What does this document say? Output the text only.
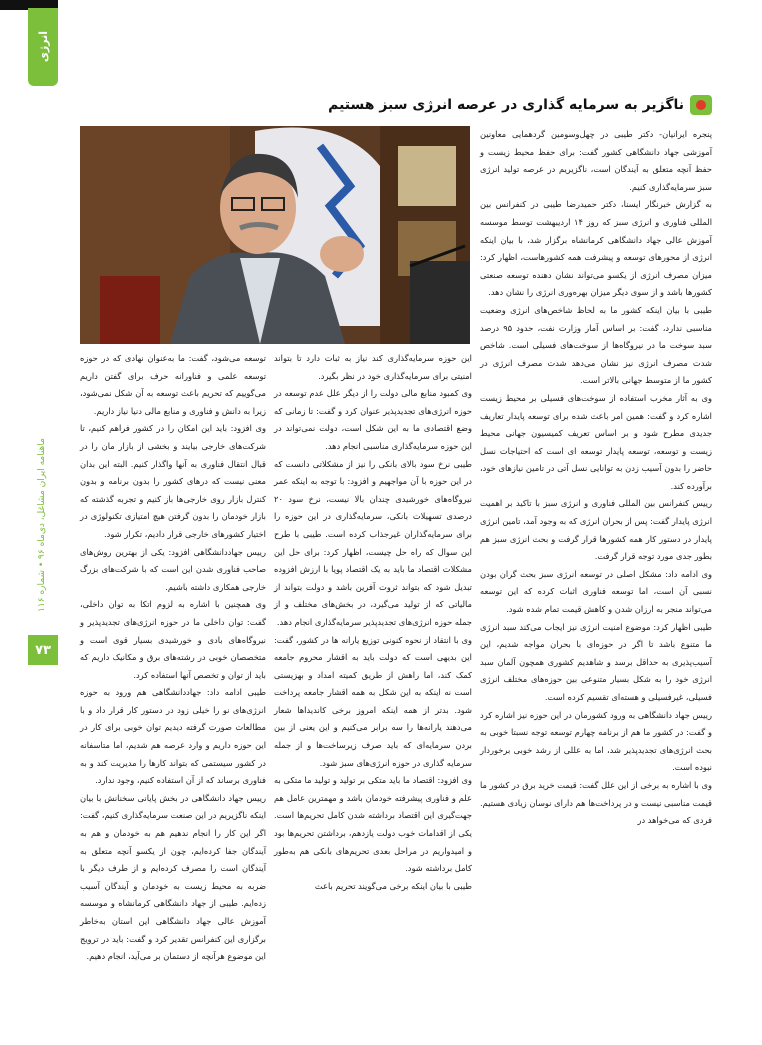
انرژی
ماهنامه ایران مشاغل، دی‌ماه ۹۶ • شماره ۱۱۶
۷۳
ناگزیر به سرمایه گذاری در عرصه انرژی سبز هستیم

پنجره ایرانیان- دکتر طیبی در چهل‌وسومین گردهمایی معاونین آموزشی جهاد دانشگاهی کشور گفت: برای حفظ محیط زیست و حفظ آنچه متعلق به آیندگان است، ناگزیریم در عرصه تولید انرژی سبز سرمایه‌گذاری کنیم.

به گزارش خبرنگار ایسنا، دکتر حمیدرضا طیبی در کنفرانس بین المللی فناوری و انرژی سبز که روز ۱۴ اردیبهشت توسط موسسه آموزش عالی جهاد دانشگاهی کرمانشاه برگزار شد، با بیان اینکه انرژی از محورهای توسعه و پیشرفت همه کشورهاست، اظهار کرد: میزان مصرف انرژی از یکسو می‌تواند نشان دهنده توسعه صنعتی کشورها باشد و از سوی دیگر میزان بهره‌وری انرژی را نشان دهد.

طیبی با بیان اینکه کشور ما به لحاظ شاخص‌های انرژی وضعیت مناسبی ندارد، گفت: بر اساس آمار وزارت نفت، حدود ۹۵ درصد سبد سوخت ما در نیروگاه‌ها از سوخت‌های فسیلی است. شاخص شدت مصرف انرژی نیز نشان می‌دهد شدت مصرف انرژی در کشور ما از متوسط جهانی بالاتر است.

وی به آثار مخرب استفاده از سوخت‌های فسیلی بر محیط زیست اشاره کرد و گفت: همین امر باعث شده برای توسعه پایدار تعاریف جدیدی مطرح شود و بر اساس تعریف کمیسیون جهانی محیط زیست و توسعه، توسعه پایدار توسعه ای است که احتیاجات نسل حاضر را بدون آسیب زدن به توانایی نسل آتی در تامین نیازهای خود، برآورده کند.

رییس کنفرانس بین المللی فناوری و انرژی سبز با تاکید بر اهمیت انرژی پایدار گفت: پس از بحران انرژی که به وجود آمد، تامین انرژی پایدار در دستور کار همه کشورها قرار گرفت و بحث انرژی سبز هم بطور جدی مورد توجه قرار گرفت.

وی ادامه داد: مشکل اصلی در توسعه انرژی سبز بحث گران بودن نسبی آن است، اما توسعه فناوری اثبات کرده که این توسعه می‌تواند منجر به ارزان شدن و کاهش قیمت تمام شده شود.

طیبی اظهار کرد: موضوع امنیت انرژی نیز ایجاب می‌کند سبد انرژی ما متنوع باشد تا اگر در حوزه‌ای با بحران مواجه شدیم، این آسیب‌پذیری به حداقل برسد و شاهدیم کشوری همچون آلمان سبد انرژی خود را به شکل بسیار متنوعی بین حوزه‌های مختلف انرژی فسیلی، غیرفسیلی و هسته‌ای تقسیم کرده است.

رییس جهاد دانشگاهی به ورود کشورمان در این حوزه نیز اشاره کرد و گفت: در کشور ما هم از برنامه چهارم توسعه توجه نسبتا خوبی به بحث انرژی‌های تجدیدپذیر شد، اما به عللی از رشد خوبی برخوردار نبوده است.

وی با اشاره به برخی از این علل گفت: قیمت خرید برق در کشور ما قیمت مناسبی نیست و در پرداخت‌ها هم دارای نوسان زیادی هستیم. فردی که می‌خواهد در

این حوزه سرمایه‌گذاری کند نیاز به ثبات دارد تا بتواند امنیتی برای سرمایه‌گذاری خود در نظر بگیرد.

وی کمبود منابع مالی دولت را از دیگر علل عدم توسعه در حوزه انرژی‌های تجدیدپذیر عنوان کرد و گفت: تا زمانی که وضع اقتصادی ما به این شکل است، دولت نمی‌تواند در این حوزه سرمایه‌گذاری مناسبی انجام دهد.

طیبی نرخ سود بالای بانکی را نیز از مشکلاتی دانست که در این حوزه با آن مواجهیم و افزود: با توجه به اینکه عمر نیروگاه‌های خورشیدی چندان بالا نیست، نرخ سود ۲۰ درصدی تسهیلات بانکی، سرمایه‌گذاری در این حوزه را برای سرمایه‌گذاران غیرجذاب کرده است. طیبی با طرح این سوال که راه حل چیست، اظهار کرد: برای حل این مشکلات اقتصاد ما باید به یک اقتصاد پویا با ارزش افزوده تبدیل شود که بتواند ثروت آفرین باشد و دولت بتواند از مالیاتی که از تولید می‌گیرد، در بخش‌های مختلف و از جمله حوزه انرژی‌های تجدیدپذیر سرمایه‌گذاری انجام دهد.

وی با انتقاد از نحوه کنونی توزیع یارانه ها در کشور، گفت: این بدیهی است که دولت باید به اقشار محروم جامعه کمک کند، اما راهش از طریق کمیته امداد و بهزیستی است نه اینکه به این شکل به همه اقشار جامعه پرداخت شود. بدتر از همه اینکه امروز برخی کاندیداها شعار می‌دهند یارانه‌ها را سه برابر می‌کنیم و این یعنی از بین بردن سرمایه‌ای که باید صرف زیرساخت‌ها و از جمله سرمایه گذاری در حوزه انرژی‌های سبز شود.

وی افزود: اقتصاد ما باید متکی بر تولید و تولید ما متکی به علم و فناوری پیشرفته خودمان باشد و مهمترین عامل هم جهت‌گیری این اقتصاد برداشته شدن کامل تحریم‌ها است. یکی از اقدامات خوب دولت یازدهم، برداشتن تحریم‌ها بود و امیدواریم در مراحل بعدی تحریم‌های بانکی هم به‌طور کامل برداشته شود.

طیبی با بیان اینکه برخی می‌گویند تحریم باعث

توسعه می‌شود، گفت: ما به‌عنوان نهادی که در حوزه توسعه علمی و فناورانه حرف برای گفتن داریم می‌گوییم که تحریم باعث توسعه به آن شکل نمی‌شود، زیرا به دانش و فناوری و منابع مالی دنیا نیاز داریم.

وی افزود: باید این امکان را در کشور فراهم کنیم، تا شرکت‌های خارجی بیایند و بخشی از بازار مان را در قبال انتقال فناوری به آنها واگذار کنیم. البته این بدان معنی نیست که درهای کشور را بدون برنامه و بدون کنترل بازار روی خارجی‌ها باز کنیم و تجربه گذشته که بازار خودمان را بدون گرفتن هیچ امتیازی تکنولوژی در اختیار کشورهای خارجی قرار دادیم، تکرار شود.

رییس جهاددانشگاهی افزود: یکی از بهترین روش‌های صاحب فناوری شدن این است که با شرکت‌های بزرگ خارجی همکاری داشته باشیم.

وی همچنین با اشاره به لزوم اتکا به توان داخلی، گفت: توان داخلی ما در حوزه انرژی‌های تجدیدپذیر و نیروگاه‌های بادی و خورشیدی بسیار قوی است و متخصصان خوبی در رشته‌های برق و مکانیک داریم که باید از توان و تخصص آنها استفاده کرد.

طیبی ادامه داد: جهاددانشگاهی هم ورود به حوزه انرژی‌های نو را خیلی زود در دستور کار قرار داد و با مطالعات صورت گرفته دیدیم توان خوبی برای کار در این حوزه داریم و وارد عرصه هم شدیم، اما متاسفانه در کشور سیستمی که بتواند کارها را مدیریت کند و به فناوری برساند که از آن استفاده کنیم، وجود ندارد.

رییس جهاد دانشگاهی در بخش پایانی سخنانش با بیان اینکه ناگزیریم در این صنعت سرمایه‌گذاری کنیم، گفت: اگر این کار را انجام ندهیم هم به خودمان و هم به آیندگان جفا کرده‌ایم، چون از یکسو آنچه متعلق به آیندگان است را مصرف کرده‌ایم و از طرف دیگر با ضربه به محیط زیست به خودمان و آیندگان آسیب زده‌ایم. طیبی از جهاد دانشگاهی کرمانشاه و موسسه آموزش عالی جهاد دانشگاهی این استان به‌خاطر برگزاری این کنفرانس تقدیر کرد و گفت: باید در ترویج این موضوع هرآنچه از دستمان بر می‌آید، انجام دهیم.
